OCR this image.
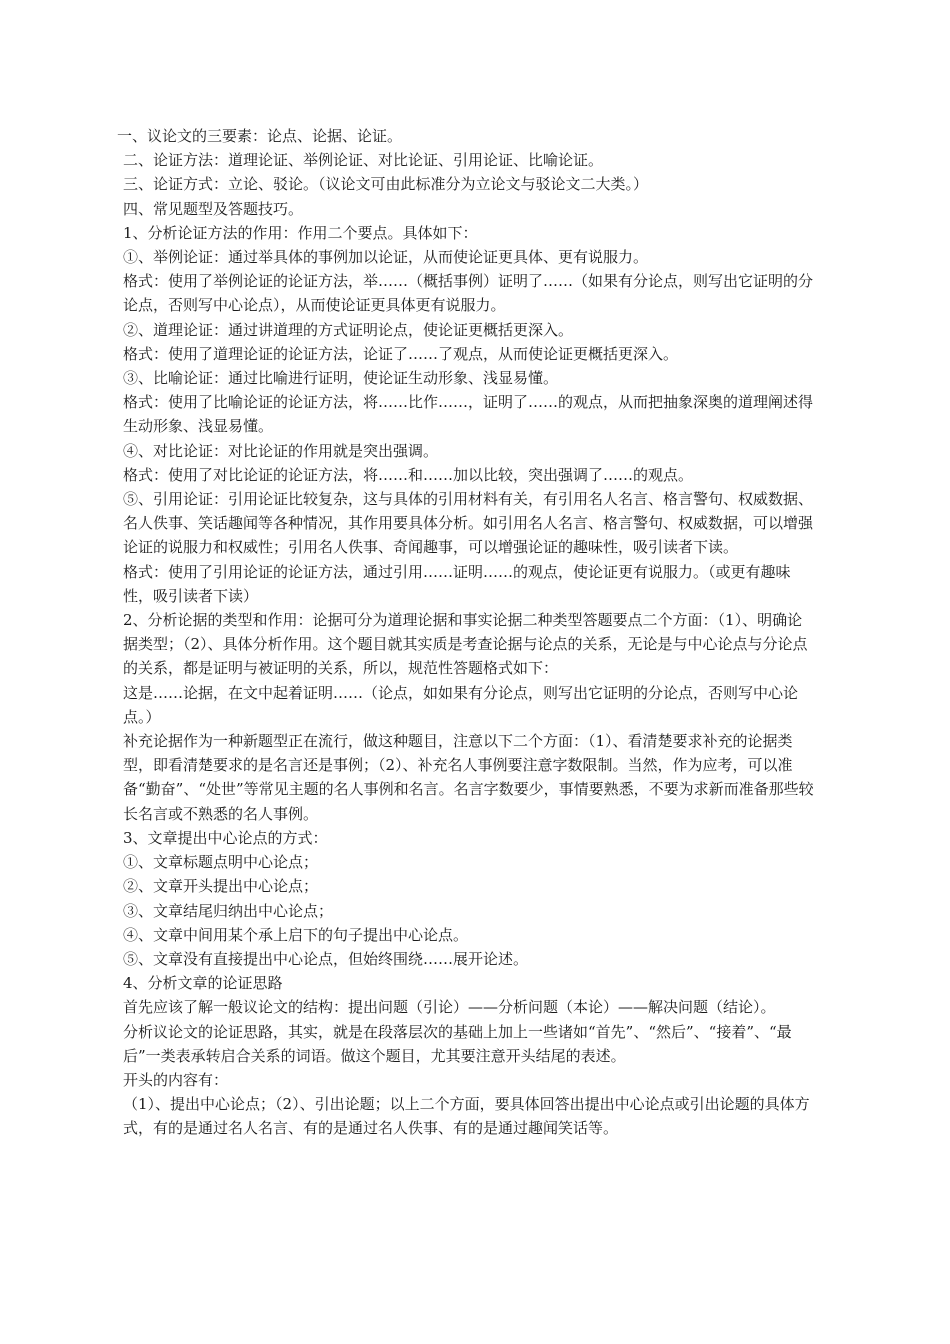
一、议论文的三要素：论点、论据、论证。

二、论证方法：道理论证、举例论证、对比论证、引用论证、比喻论证。

三、论证方式：立论、驳论。（议论文可由此标准分为立论文与驳论文二大类。）

四、常见题型及答题技巧。

1、分析论证方法的作用：作用二个要点。具体如下：

①、举例论证：通过举具体的事例加以论证，从而使论证更具体、更有说服力。

格式：使用了举例论证的论证方法，举……（概括事例）证明了……（如果有分论点，则写出它证明的分论点，否则写中心论点），从而使论证更具体更有说服力。

②、道理论证：通过讲道理的方式证明论点，使论证更概括更深入。

格式：使用了道理论证的论证方法，论证了……了观点，从而使论证更概括更深入。

③、比喻论证：通过比喻进行证明，使论证生动形象、浅显易懂。

格式：使用了比喻论证的论证方法，将……比作……，证明了……的观点，从而把抽象深奥的道理阐述得生动形象、浅显易懂。

④、对比论证：对比论证的作用就是突出强调。

格式：使用了对比论证的论证方法，将……和……加以比较，突出强调了……的观点。

⑤、引用论证：引用论证比较复杂，这与具体的引用材料有关，有引用名人名言、格言警句、权威数据、名人佚事、笑话趣闻等各种情况，其作用要具体分析。如引用名人名言、格言警句、权威数据，可以增强论证的说服力和权威性；引用名人佚事、奇闻趣事，可以增强论证的趣味性，吸引读者下读。

格式：使用了引用论证的论证方法，通过引用……证明……的观点，使论证更有说服力。（或更有趣味性，吸引读者下读）

2、分析论据的类型和作用：论据可分为道理论据和事实论据二种类型答题要点二个方面：（1）、明确论据类型；（2）、具体分析作用。这个题目就其实质是考查论据与论点的关系，无论是与中心论点与分论点的关系，都是证明与被证明的关系，所以，规范性答题格式如下：

这是……论据，在文中起着证明……（论点，如如果有分论点，则写出它证明的分论点，否则写中心论点。）

补充论据作为一种新题型正在流行，做这种题目，注意以下二个方面：（1）、看清楚要求补充的论据类型，即看清楚要求的是名言还是事例；（2）、补充名人事例要注意字数限制。当然，作为应考，可以准备“勤奋”、“处世”等常见主题的名人事例和名言。名言字数要少，事情要熟悉，不要为求新而准备那些较长名言或不熟悉的名人事例。

3、文章提出中心论点的方式：

①、文章标题点明中心论点；

②、文章开头提出中心论点；

③、文章结尾归纳出中心论点；

④、文章中间用某个承上启下的句子提出中心论点。

⑤、文章没有直接提出中心论点，但始终围绕……展开论述。

4、分析文章的论证思路

首先应该了解一般议论文的结构：提出问题（引论）——分析问题（本论）——解决问题（结论）。

分析议论文的论证思路，其实，就是在段落层次的基础上加上一些诸如“首先”、“然后”、“接着”、“最后”一类表承转启合关系的词语。做这个题目，尤其要注意开头结尾的表述。

开头的内容有：

（1）、提出中心论点；（2）、引出论题；以上二个方面，要具体回答出提出中心论点或引出论题的具体方式，有的是通过名人名言、有的是通过名人佚事、有的是通过趣闻笑话等。
